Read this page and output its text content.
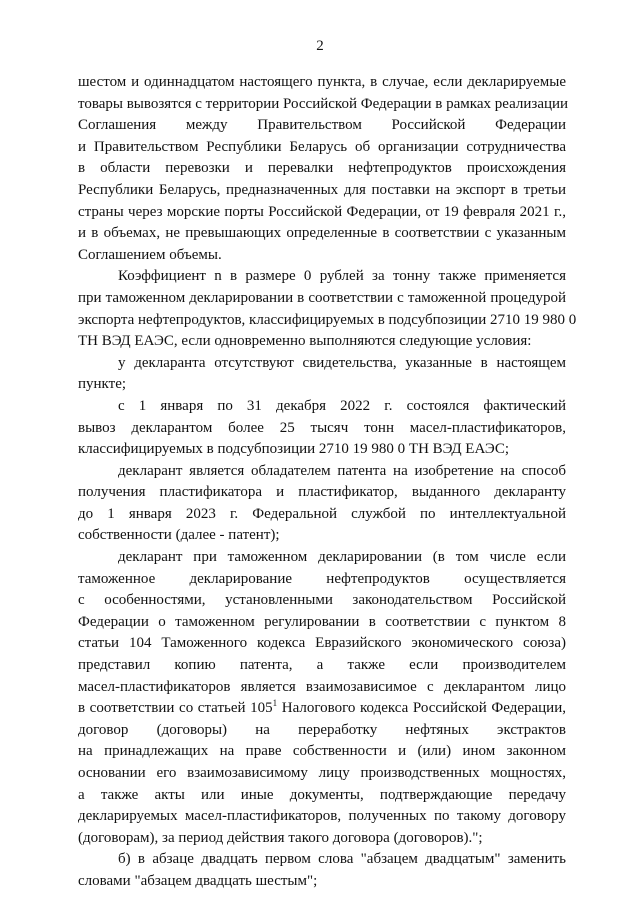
2
шестом и одиннадцатом настоящего пункта, в случае, если декларируемые
товары вывозятся с территории Российской Федерации в рамках реализации
Соглашения между Правительством Российской Федерации
и Правительством Республики Беларусь об организации сотрудничества
в области перевозки и перевалки нефтепродуктов происхождения
Республики Беларусь, предназначенных для поставки на экспорт в третьи
страны через морские порты Российской Федерации, от 19 февраля 2021 г.,
и в объемах, не превышающих определенные в соответствии с указанным
Соглашением объемы.
Коэффициент n в размере 0 рублей за тонну также применяется
при таможенном декларировании в соответствии с таможенной процедурой
экспорта нефтепродуктов, классифицируемых в подсубпозиции 2710 19 980 0
ТН ВЭД ЕАЭС, если одновременно выполняются следующие условия:
у декларанта отсутствуют свидетельства, указанные в настоящем
пункте;
с 1 января по 31 декабря 2022 г. состоялся фактический
вывоз декларантом более 25 тысяч тонн масел-пластификаторов,
классифицируемых в подсубпозиции 2710 19 980 0 ТН ВЭД ЕАЭС;
декларант является обладателем патента на изобретение на способ
получения пластификатора и пластификатор, выданного декларанту
до 1 января 2023 г. Федеральной службой по интеллектуальной
собственности (далее - патент);
декларант при таможенном декларировании (в том числе если
таможенное декларирование нефтепродуктов осуществляется
с особенностями, установленными законодательством Российской
Федерации о таможенном регулировании в соответствии с пунктом 8
статьи 104 Таможенного кодекса Евразийского экономического союза)
представил копию патента, а также если производителем
масел-пластификаторов является взаимозависимое с декларантом лицо
в соответствии со статьей $105^1$ Налогового кодекса Российской Федерации,
договор (договоры) на переработку нефтяных экстрактов
на принадлежащих на праве собственности и (или) ином законном
основании его взаимозависимому лицу производственных мощностях,
а также акты или иные документы, подтверждающие передачу
декларируемых масел-пластификаторов, полученных по такому договору
(договорам), за период действия такого договора (договоров).";
б) в абзаце двадцать первом слова "абзацем двадцатым" заменить
словами "абзацем двадцать шестым";
